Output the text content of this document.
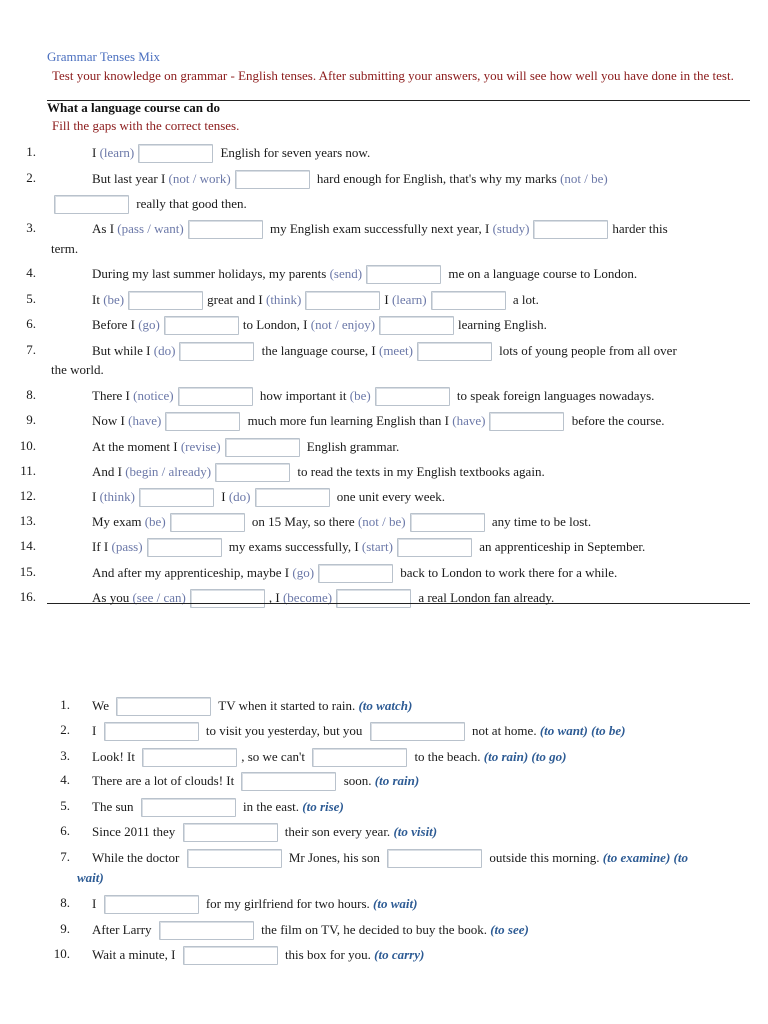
Grammar Tenses Mix
Test your knowledge on grammar - English tenses. After submitting your answers, you will see how well you have done in the test.
What a language course can do
Fill the gaps with the correct tenses.
1.	I (learn)	English for seven years now.
2.	But last year I (not / work)	hard enough for English, that's why my marks (not / be)
really that good then.
3.	As I (pass / want)	my English exam successfully next year, I (study)	harder this
term.
4.	During my last summer holidays, my parents (send)	me on a language course to London.
5.	It (be)	great and I (think)	I (learn)	a lot.
6.	Before I (go)	to London, I (not / enjoy)	learning English.
7.	But while I (do)	the language course, I (meet)	lots of young people from all over
the world.
8.	There I (notice)	how important it (be)	to speak foreign languages nowadays.
9.	Now I (have)	much more fun learning English than I (have)	before the course.
10.	At the moment I (revise)	English grammar.
11.	And I (begin / already)	to read the texts in my English textbooks again.
12.	I (think)	I (do)	one unit every week.
13.	My exam (be)	on 15 May, so there (not / be)	any time to be lost.
14.	If I (pass)	my exams successfully, I (start)	an apprenticeship in September.
15.	And after my apprenticeship, maybe I (go)	back to London to work there for a while.
16.	As you (see / can)	, I (become)	a real London fan already.
1. We	TV when it started to rain. (to watch)
2. I	to visit you yesterday, but you	not at home. (to want) (to be)
3. Look! It	, so we can't	to the beach. (to rain) (to go)
4. There are a lot of clouds! It	soon. (to rain)
5. The sun	in the east. (to rise)
6. Since 2011 they	their son every year. (to visit)
7. While the doctor	Mr Jones, his son	outside this morning. (to examine) (to
wait)
8. I	for my girlfriend for two hours. (to wait)
9. After Larry	the film on TV, he decided to buy the book. (to see)
10. Wait a minute, I	this box for you. (to carry)
